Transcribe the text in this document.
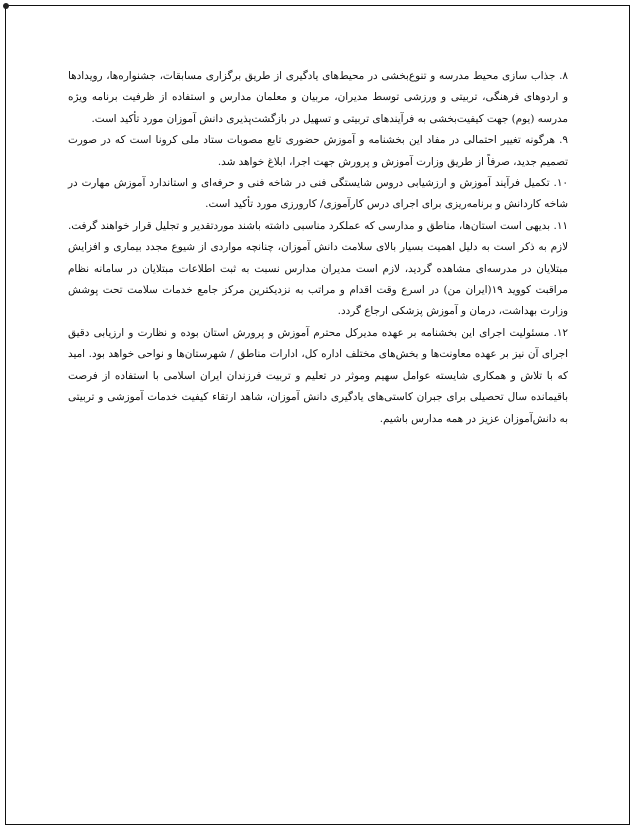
۸. جذاب سازی محیط مدرسه و تنوع‌بخشی در محیط‌های یادگیری از طریق برگزاری مسابقات، جشنواره‌ها، رویدادها و اردوهای فرهنگی، تربیتی و ورزشی توسط مدیران، مربیان و معلمان مدارس و استفاده از ظرفیت برنامه ویژه مدرسه (یوم) جهت کیفیت‌بخشی به فرآیندهای تربیتی و تسهیل در بازگشت‌پذیری دانش آموزان مورد تأکید است.

۹. هرگونه تغییر احتمالی در مفاد این بخشنامه و آموزش حضوری تابع مصوبات ستاد ملی کرونا است که در صورت تصمیم جدید، صرفاً از طریق وزارت آموزش و پرورش جهت اجرا، ابلاغ خواهد شد.

۱۰. تکمیل فرآیند آموزش و ارزشیابی دروس شایستگی فنی در شاخه فنی و حرفه‌ای و استاندارد آموزش مهارت در شاخه کاردانش و برنامه‌ریزی برای اجرای درس کارآموزی/ کارورزی مورد تأکید است.

۱۱. بدیهی است استان‌ها، مناطق و مدارسی که عملکرد مناسبی داشته باشند موردتقدیر و تجلیل قرار خواهند گرفت. لازم به ذکر است به دلیل اهمیت بسیار بالای سلامت دانش آموزان، چنانچه مواردی از شیوع مجدد بیماری و افزایش مبتلایان در مدرسه‌ای مشاهده گردید، لازم است مدیران مدارس نسبت به ثبت اطلاعات مبتلایان در سامانه نظام مراقبت کووید ۱۹(ایران من) در اسرع وقت اقدام و مراتب به نزدیکترین مرکز جامع خدمات سلامت تحت پوشش وزارت بهداشت، درمان و آموزش پزشکی ارجاع گردد.

۱۲. مسئولیت اجرای این بخشنامه بر عهده مدیرکل محترم آموزش و پرورش استان بوده و نظارت و ارزیابی دقیق اجرای آن نیز بر عهده معاونت‌ها و بخش‌های مختلف اداره کل، ادارات مناطق / شهرستان‌ها و نواحی خواهد بود. امید که با تلاش و همکاری شایسته عوامل سهیم وموثر در تعلیم و تربیت فرزندان ایران اسلامی با استفاده از فرصت باقیمانده سال تحصیلی برای جبران کاستی‌های یادگیری دانش آموزان، شاهد ارتقاء کیفیت خدمات آموزشی و تربیتی به دانش‌آموزان عزیز در همه مدارس باشیم.
